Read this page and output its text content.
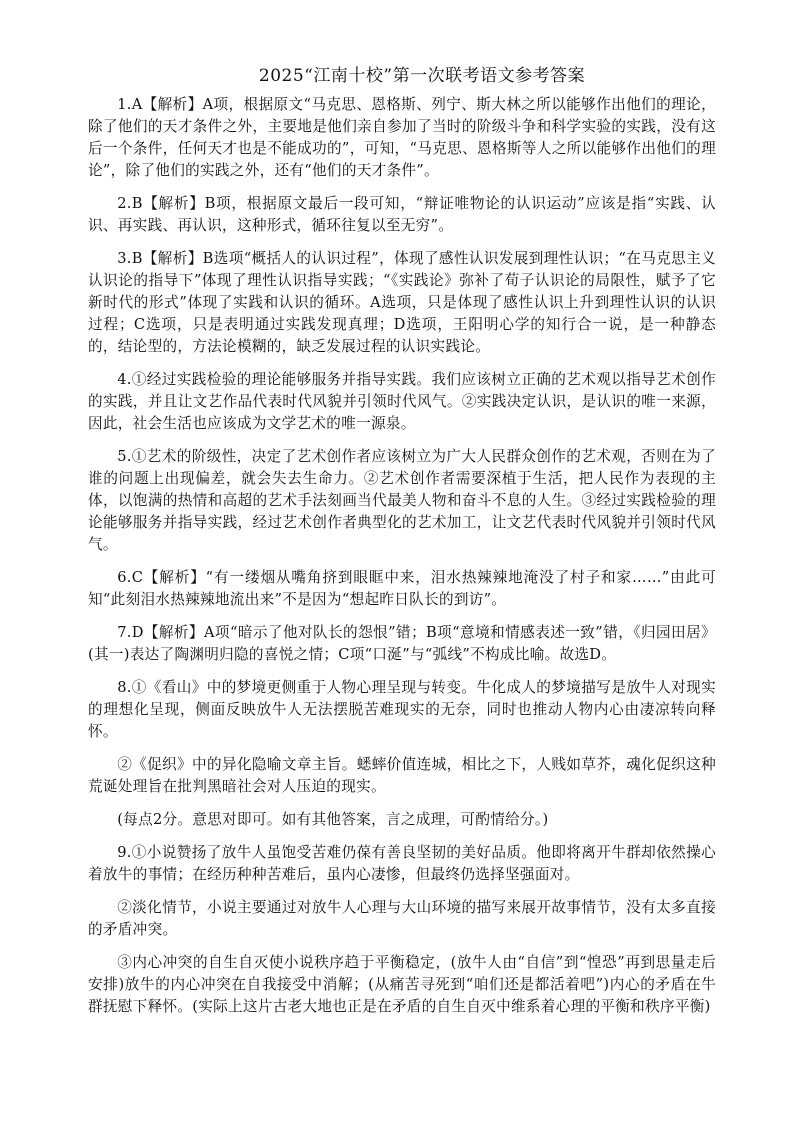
2025“江南十校”第一次联考语文参考答案

1.A【解析】A项，根据原文“马克思、恩格斯、列宁、斯大林之所以能够作出他们的理论，除了他们的天才条件之外，主要地是他们亲自参加了当时的阶级斗争和科学实验的实践，没有这后一个条件，任何天才也是不能成功的”，可知，“马克思、恩格斯等人之所以能够作出他们的理论”，除了他们的实践之外，还有“他们的天才条件”。

2.B【解析】B项，根据原文最后一段可知，“辩证唯物论的认识运动”应该是指“实践、认识、再实践、再认识，这种形式，循环往复以至无穷”。

3.B【解析】B选项“概括人的认识过程”，体现了感性认识发展到理性认识；“在马克思主义认识论的指导下”体现了理性认识指导实践；“《实践论》弥补了荀子认识论的局限性，赋予了它新时代的形式”体现了实践和认识的循环。A选项，只是体现了感性认识上升到理性认识的认识过程；C选项，只是表明通过实践发现真理；D选项，王阳明心学的知行合一说，是一种静态的，结论型的，方法论模糊的，缺乏发展过程的认识实践论。

4.①经过实践检验的理论能够服务并指导实践。我们应该树立正确的艺术观以指导艺术创作的实践，并且让文艺作品代表时代风貌并引领时代风气。②实践决定认识，是认识的唯一来源，因此，社会生活也应该成为文学艺术的唯一源泉。

5.①艺术的阶级性，决定了艺术创作者应该树立为广大人民群众创作的艺术观，否则在为了谁的问题上出现偏差，就会失去生命力。②艺术创作者需要深植于生活，把人民作为表现的主体，以饱满的热情和高超的艺术手法刻画当代最美人物和奋斗不息的人生。③经过实践检验的理论能够服务并指导实践，经过艺术创作者典型化的艺术加工，让文艺代表时代风貌并引领时代风气。

6.C【解析】“有一缕烟从嘴角挤到眼眶中来，泪水热辣辣地淹没了村子和家……”由此可知“此刻泪水热辣辣地流出来”不是因为“想起昨日队长的到访”。

7.D【解析】A项“暗示了他对队长的怨恨”错；B项“意境和情感表述一致”错，《归园田居》(其一)表达了陶渊明归隐的喜悦之情；C项“口涎”与“弧线”不构成比喻。故选D。

8.①《看山》中的梦境更侧重于人物心理呈现与转变。牛化成人的梦境描写是放牛人对现实的理想化呈现，侧面反映放牛人无法摆脱苦难现实的无奈，同时也推动人物内心由凄凉转向释怀。

②《促织》中的异化隐喻文章主旨。蟋蟀价值连城，相比之下，人贱如草芥，魂化促织这种荒诞处理旨在批判黑暗社会对人压迫的现实。

(每点2分。意思对即可。如有其他答案，言之成理，可酌情给分。)

9.①小说赞扬了放牛人虽饱受苦难仍葆有善良坚韧的美好品质。他即将离开牛群却依然操心着放牛的事情；在经历种种苦难后，虽内心凄惨，但最终仍选择坚强面对。

②淡化情节，小说主要通过对放牛人心理与大山环境的描写来展开故事情节，没有太多直接的矛盾冲突。

③内心冲突的自生自灭使小说秩序趋于平衡稳定，(放牛人由“自信”到“惶恐”再到思量走后安排)放牛的内心冲突在自我接受中消解；(从痛苦寻死到“咱们还是都活着吧”)内心的矛盾在牛群抚慰下释怀。(实际上这片古老大地也正是在矛盾的自生自灭中维系着心理的平衡和秩序平衡)
